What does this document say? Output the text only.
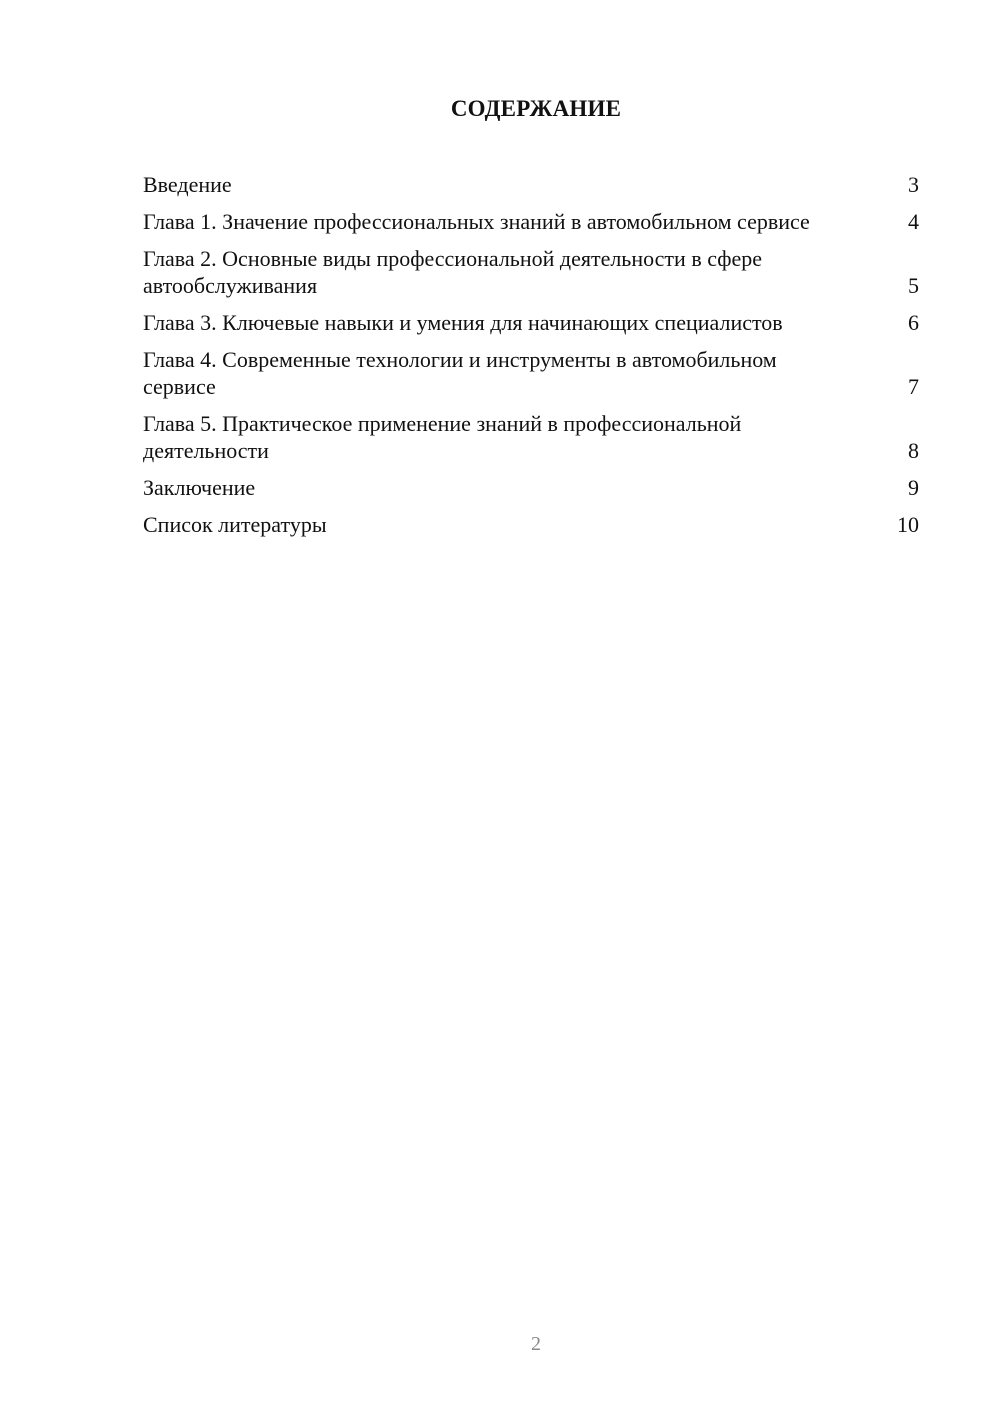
СОДЕРЖАНИЕ
Введение	3
Глава 1. Значение профессиональных знаний в автомобильном сервисе	4
Глава 2. Основные виды профессиональной деятельности в сфере автообслуживания	5
Глава 3. Ключевые навыки и умения для начинающих специалистов	6
Глава 4. Современные технологии и инструменты в автомобильном сервисе	7
Глава 5. Практическое применение знаний в профессиональной деятельности	8
Заключение	9
Список литературы	10
2
